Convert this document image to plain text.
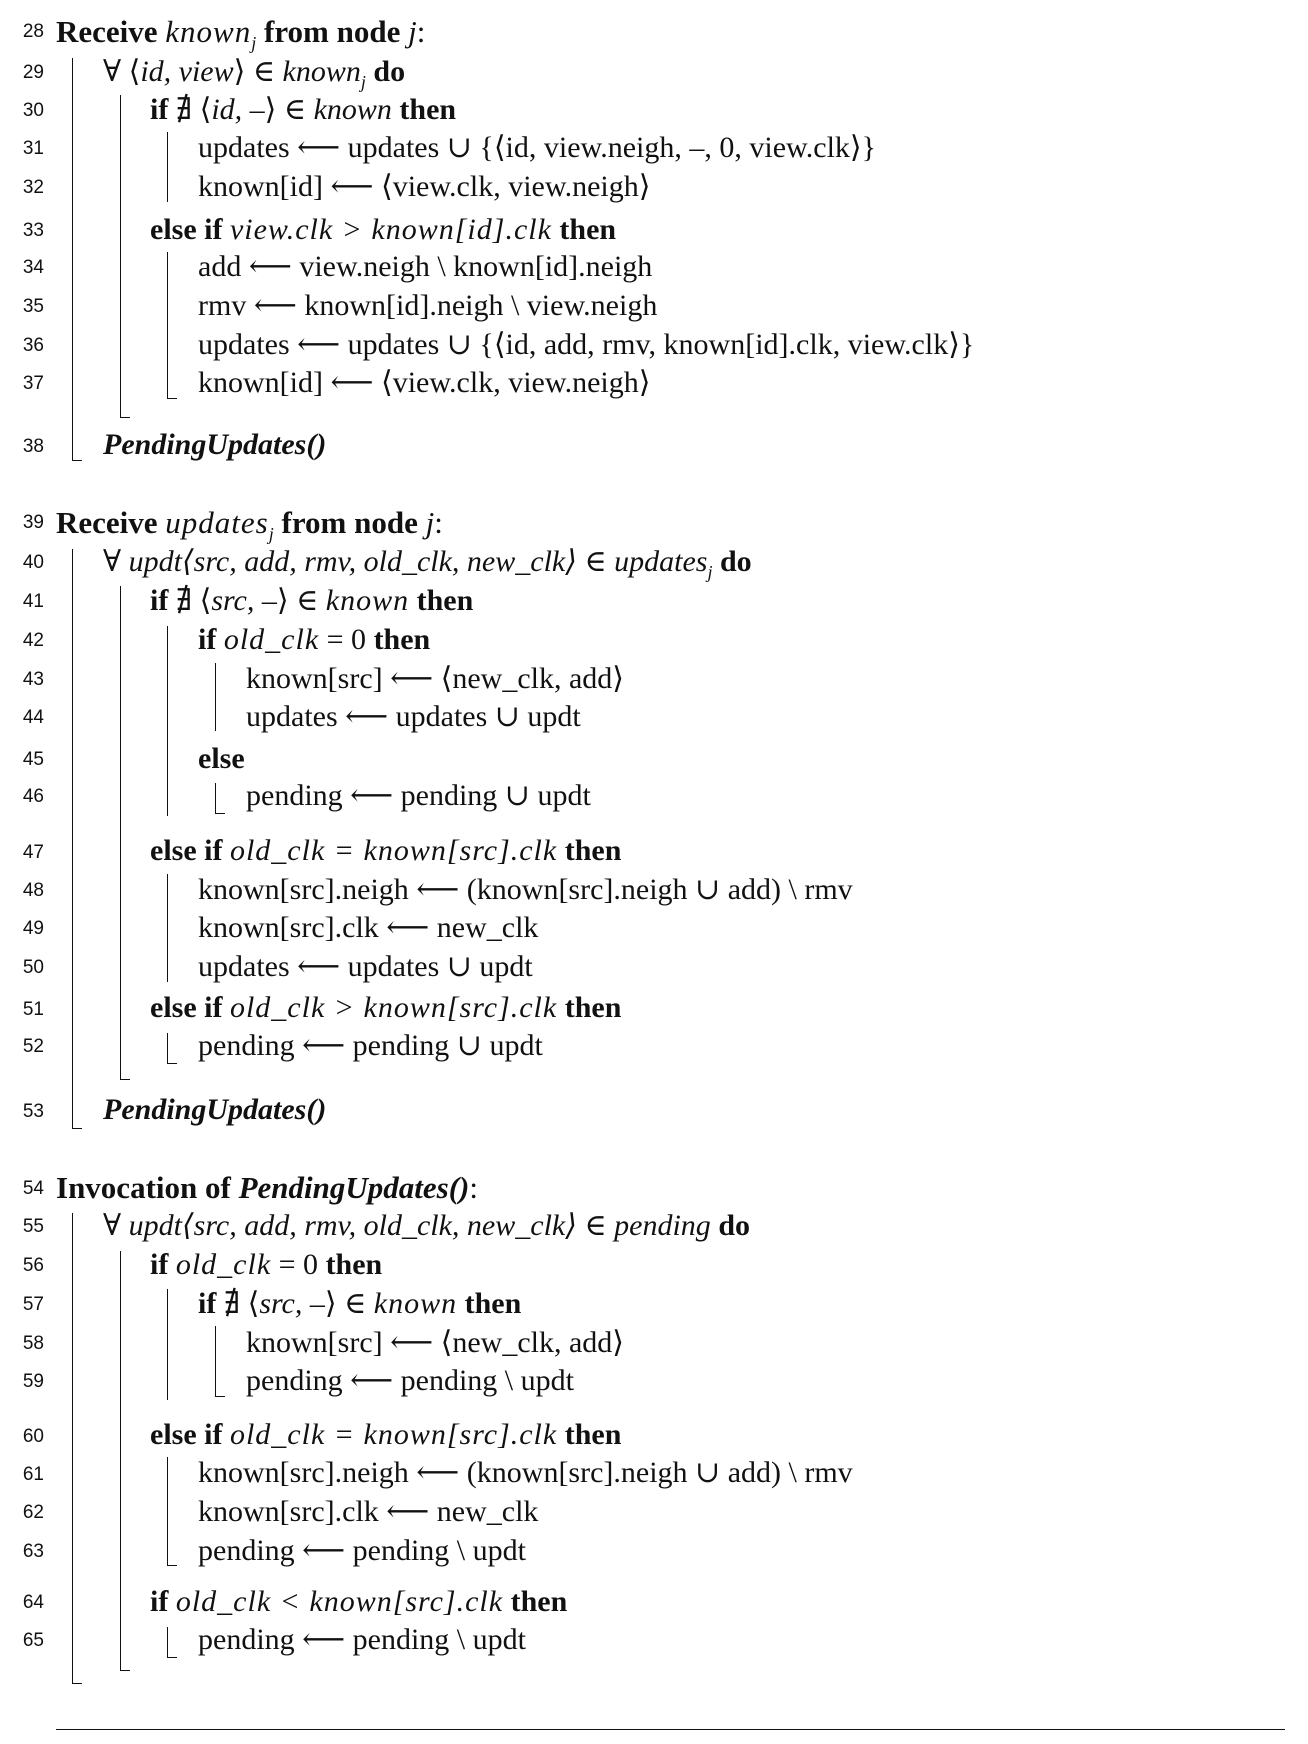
28 Receive known$_j$ from node j:
29 ∀ ⟨id, view⟩ ∈ known$_j$ do
30	if ∄ ⟨id, –⟩ ∈ known then
31	updates ⟵ updates ∪ {⟨id, view.neigh, –, 0, view.clk⟩}
32	known[id] ⟵ ⟨view.clk, view.neigh⟩
33	else if view.clk > known[id].clk then
34	add ⟵ view.neigh \ known[id].neigh
35	rmv ⟵ known[id].neigh \ view.neigh
36	updates ⟵ updates ∪ {⟨id, add, rmv, known[id].clk, view.clk⟩}
37	known[id] ⟵ ⟨view.clk, view.neigh⟩
38 PendingUpdates()
39 Receive updates$_j$ from node j:
40 ∀ updt⟨src, add, rmv, old_clk, new_clk⟩ ∈ updates$_j$ do
41	if ∄ ⟨src, –⟩ ∈ known then
42	if old_clk = 0 then
43	known[src] ⟵ ⟨new_clk, add⟩
44	updates ⟵ updates ∪ updt
45	else
46	pending ⟵ pending ∪ updt
47	else if old_clk = known[src].clk then
48	known[src].neigh ⟵ (known[src].neigh ∪ add) \ rmv
49	known[src].clk ⟵ new_clk
50	updates ⟵ updates ∪ updt
51	else if old_clk > known[src].clk then
52	pending ⟵ pending ∪ updt
53 PendingUpdates()
54 Invocation of PendingUpdates():
55 ∀ updt⟨src, add, rmv, old_clk, new_clk⟩ ∈ pending do
56	if old_clk = 0 then
57	if ∄ ⟨src, –⟩ ∈ known then
58	known[src] ⟵ ⟨new_clk, add⟩
59	pending ⟵ pending \ updt
60	else if old_clk = known[src].clk then
61	known[src].neigh ⟵ (known[src].neigh ∪ add) \ rmv
62	known[src].clk ⟵ new_clk
63	pending ⟵ pending \ updt
64	if old_clk < known[src].clk then
65	pending ⟵ pending \ updt
